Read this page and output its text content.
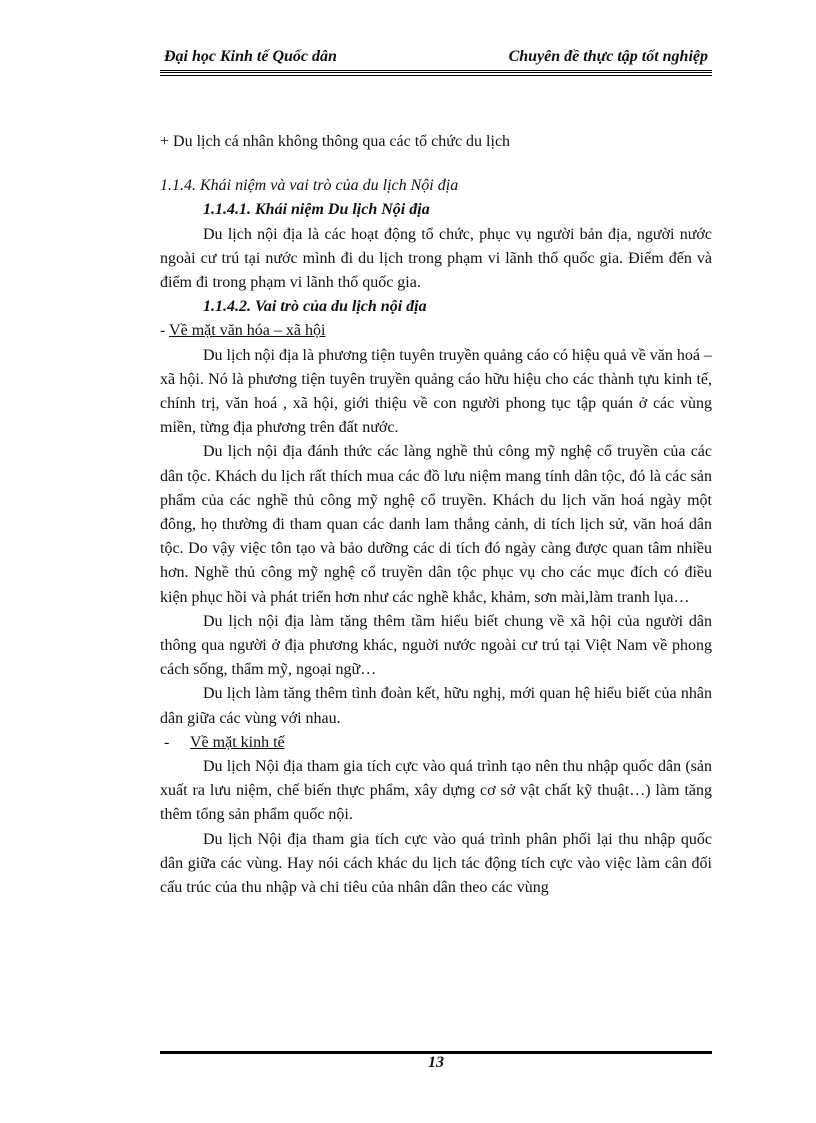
Đại học Kinh tế Quốc dân	Chuyên đề thực tập tốt nghiệp

+ Du lịch cá nhân không thông qua các tổ chức du lịch

1.1.4. Khái niệm và vai trò của du lịch Nội địa

1.1.4.1. Khái niệm Du lịch Nội địa

Du lịch nội địa là các hoạt động tổ chức, phục vụ người bản địa, người nước ngoài cư trú tại nước mình đi du lịch trong phạm vi lãnh thổ quốc gia. Điểm đến và điểm đi trong phạm vi lãnh thổ quốc gia.

1.1.4.2. Vai trò của du lịch nội địa

- Về mặt văn hóa – xã hội

Du lịch nội địa là phương tiện tuyên truyền quảng cáo có hiệu quả về văn hoá – xã hội. Nó là phương tiện tuyên truyền quảng cáo hữu hiệu cho các thành tựu kinh tế, chính trị, văn hoá , xã hội, giới thiệu về con người phong tục tập quán ở các vùng miền, từng địa phương trên đất nước.

Du lịch nội địa đánh thức các làng nghề thủ công mỹ nghệ cổ truyền của các dân tộc. Khách du lịch rất thích mua các đồ lưu niệm mang tính dân tộc, đó là các sản phẩm của các nghề thủ công mỹ nghệ cổ truyền. Khách du lịch văn hoá ngày một đông, họ thường đi tham quan các danh lam thắng cảnh, di tích lịch sử, văn hoá dân tộc. Do vậy việc tôn tạo và bảo dưỡng các di tích đó ngày càng được quan tâm nhiều hơn. Nghề thủ công mỹ nghệ cổ truyền dân tộc phục vụ cho các mục đích có điều kiện phục hồi và phát triển hơn như các nghề khắc, khảm, sơn mài,làm tranh lụa…

Du lịch nội địa làm tăng thêm tầm hiểu biết chung về xã hội của người dân thông qua người ở địa phương khác, nguời nước ngoài cư trú tại Việt Nam về phong cách sống, thẩm mỹ, ngoại ngữ…

Du lịch làm tăng thêm tình đoàn kết, hữu nghị, mới quan hệ hiểu biết của nhân dân giữa các vùng với nhau.

-	Về mặt kinh tế

Du lịch Nội địa tham gia tích cực vào quá trình tạo nên thu nhập quốc dân (sản xuất ra lưu niệm, chế biến thực phẩm, xây dựng cơ sở vật chất kỹ thuật…) làm tăng thêm tổng sản phẩm quốc nội.

Du lịch Nội địa tham gia tích cực vào quá trình phân phối lại thu nhập quốc dân giữa các vùng. Hay nói cách khác du lịch tác động tích cực vào việc làm cân đối cấu trúc của thu nhập và chi tiêu của nhân dân theo các vùng

13
